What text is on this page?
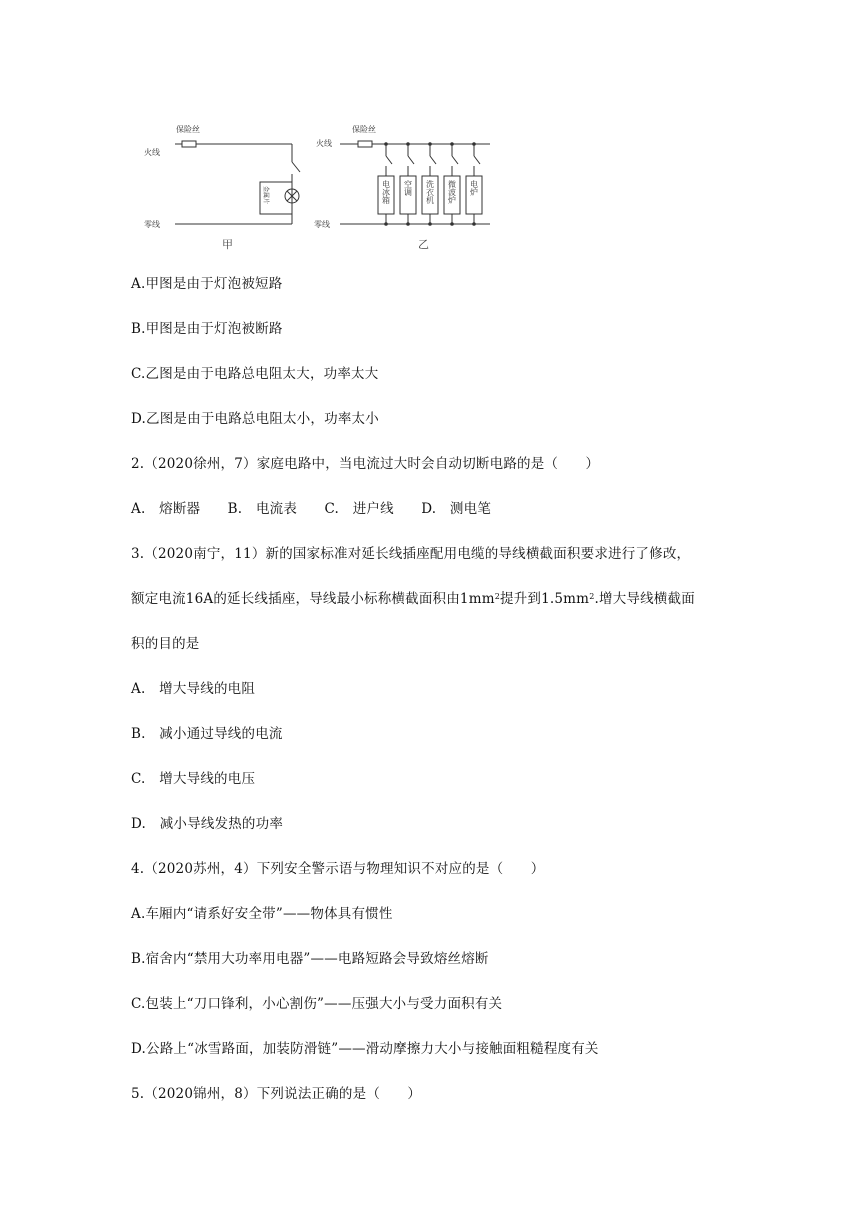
保险丝
火线
零线
金属片
保险丝
火线
零线
电冰箱 空调 洗衣机 微波炉 电炉
甲	乙
A.甲图是由于灯泡被短路
B.甲图是由于灯泡被断路
C.乙图是由于电路总电阻太大，功率太大
D.乙图是由于电路总电阻太小，功率太小
2.（2020徐州，7）家庭电路中，当电流过大时会自动切断电路的是（　　）
A.　熔断器　　B.　电流表　　C.　进户线　　D.　测电笔
3.（2020南宁，11）新的国家标准对延长线插座配用电缆的导线横截面积要求进行了修改，
额定电流16A的延长线插座，导线最小标称横截面积由$1mm^2$提升到$1.5mm^2$.增大导线横截面
积的目的是
A.　增大导线的电阻
B.　减小通过导线的电流
C.　增大导线的电压
D.　减小导线发热的功率
4.（2020苏州，4）下列安全警示语与物理知识不对应的是（　　）
A.车厢内“请系好安全带”——物体具有惯性
B.宿舍内“禁用大功率用电器”——电路短路会导致熔丝熔断
C.包装上“刀口锋利，小心割伤”——压强大小与受力面积有关
D.公路上“冰雪路面，加装防滑链”——滑动摩擦力大小与接触面粗糙程度有关
5.（2020锦州，8）下列说法正确的是（　　）
